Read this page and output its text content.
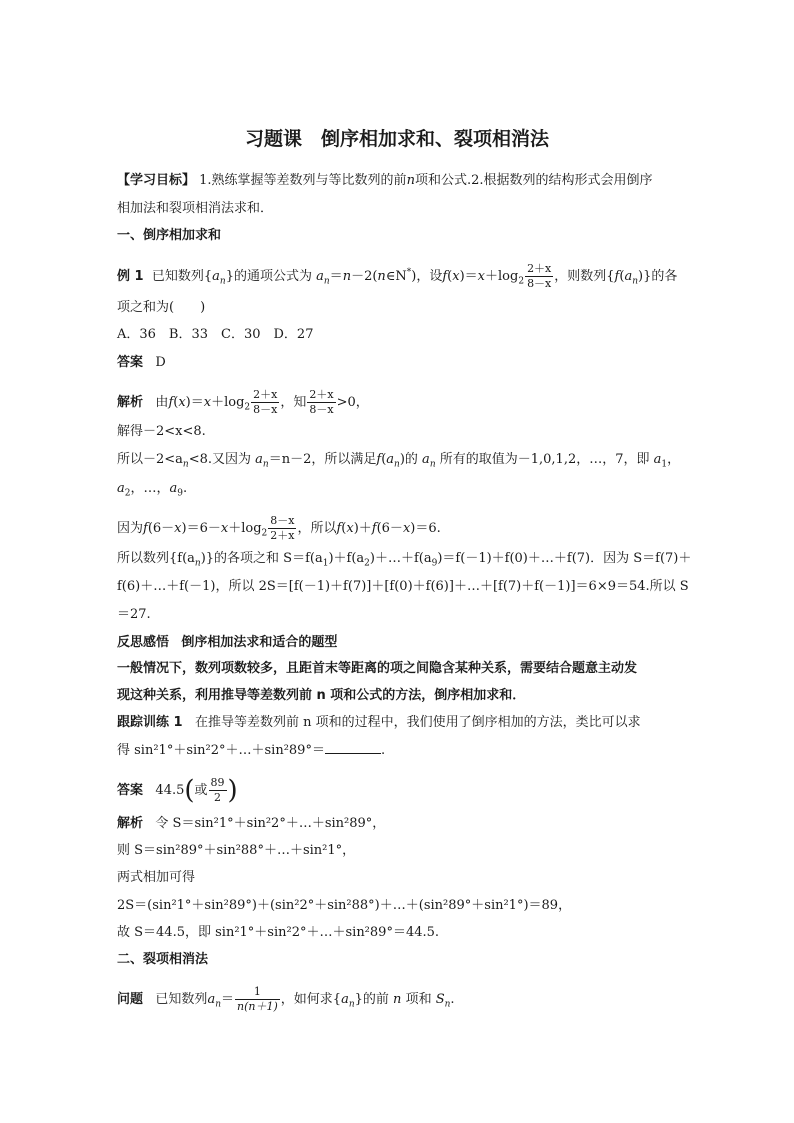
习题课　倒序相加求和、裂项相消法
【学习目标】 1.熟练掌握等差数列与等比数列的前n项和公式.2.根据数列的结构形式会用倒序
相加法和裂项相消法求和．
一、倒序相加求和
例 1 已知数列$\{a_n\}$的通项公式为 $a_n=n-2(n\in N^*)$，设$f(x)=x+\log_2 \frac{2+x}{8-x}$ ，则数列$\{f(a_n)\}$的各
项之和为(　　)
A．36　B．33　C．30　D．27
答案 D
解析 由$f(x)=x+\log_2 \frac{2+x}{8-x}$ ，知 $\frac{2+x}{8-x} >0$，
解得－2<x<8.
所以$-2<a_n<8$.又因为 $a_n=n-2$，所以满足$f(a_n)$的 $a_n$ 所有的取值为－1,0,1,2，…，7，即 $a_1$，
$a_2$，…，$a_9$.
因为$f(6-x)=6-x+\log_2 \frac{8-x}{2+x}$ ，所以f(x)＋f(6－x)＝6.
所以数列$\{f(a_n)\}$的各项之和 $S=f(a_1)+f(a_2)+\dots+f(a_9)=f(-1)+f(0)+\dots+f(7)$．因为 S＝f(7)＋
f(6)＋…＋f(－1)，所以 2S＝[f(－1)＋f(7)]＋[f(0)＋f(6)]＋…＋[f(7)＋f(－1)]＝6×9＝54.所以 S
＝27.
反思感悟 倒序相加法求和适合的题型
一般情况下，数列项数较多，且距首末等距离的项之间隐含某种关系，需要结合题意主动发
现这种关系，利用推导等差数列前 n 项和公式的方法，倒序相加求和．
跟踪训练 1 在推导等差数列前 n 项和的过程中，我们使用了倒序相加的方法，类比可以求
得 sin²1°＋sin²2°＋…＋sin²89°＝	.
答案 44.5(或 $\frac{89}{2}$ )
解析 令 S＝sin²1°＋sin²2°＋…＋sin²89°，
则 S＝sin²89°＋sin²88°＋…＋sin²1°，
两式相加可得
2S＝(sin²1°＋sin²89°)＋(sin²2°＋sin²88°)＋…＋(sin²89°＋sin²1°)＝89，
故 S＝44.5，即 sin²1°＋sin²2°＋…＋sin²89°＝44.5.
二、裂项相消法
问题 已知数列$a_n= \frac{1}{n(n+1)}$ ，如何求$\{a_n\}$的前 n 项和 $S_n$.
